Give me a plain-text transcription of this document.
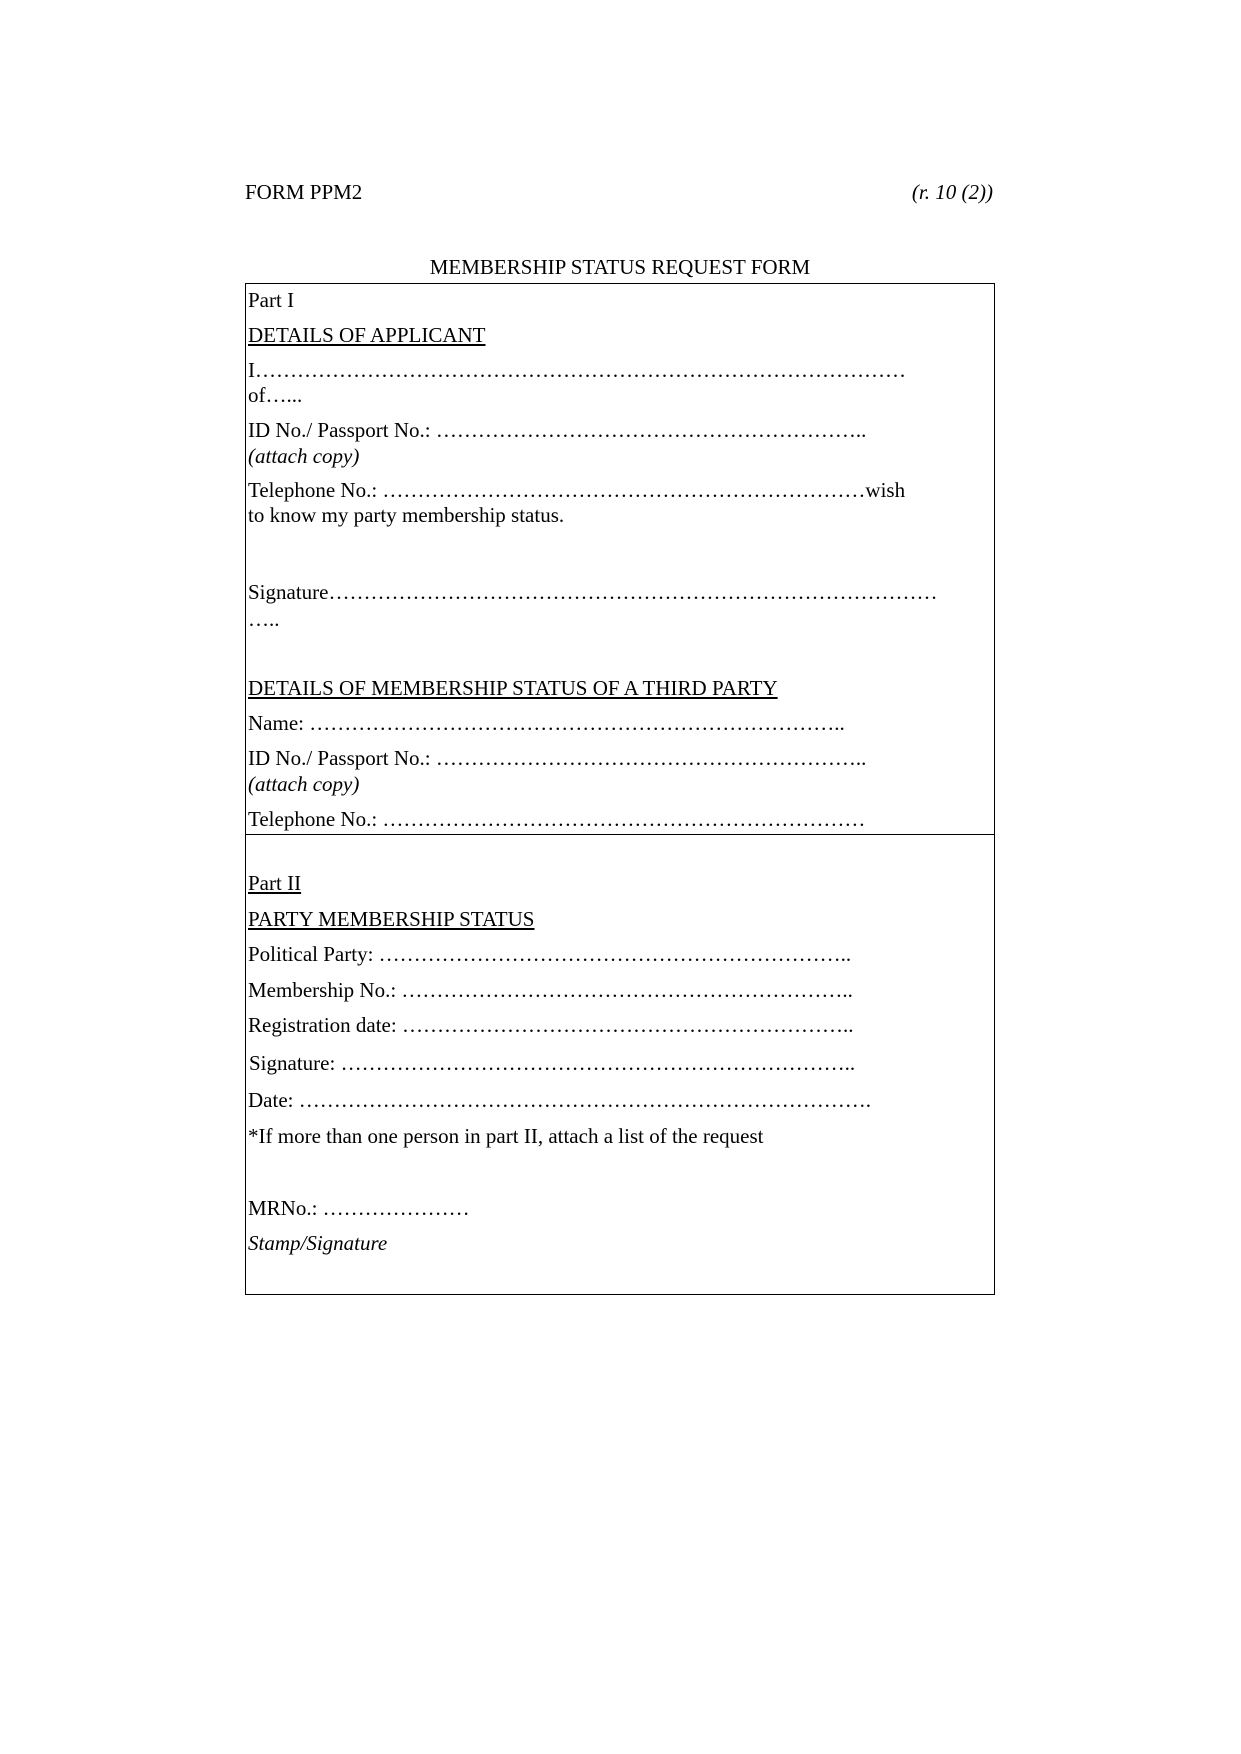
FORM PPM2	(r. 10 (2))
MEMBERSHIP STATUS REQUEST FORM
Part I
DETAILS OF APPLICANT
I…………………………………………………………………………………
of…...
ID No./ Passport No.: ……………………………………………………..
(attach copy)
Telephone No.: ……………………………………………………………wish
to know my party membership status.
Signature……………………………………………………………………………
…..
DETAILS OF MEMBERSHIP STATUS OF A THIRD PARTY
Name: …………………………………………………………………..
ID No./ Passport No.: ……………………………………………………..
(attach copy)
Telephone No.: ……………………………………………………………
Part II
PARTY MEMBERSHIP STATUS
Political Party: …………………………………………………………..
Membership No.: ………………………………………………………..
Registration date: ………………………………………………………..
Signature: ………………………………………………………………..
Date: ……………………………………………………………………….
*If more than one person in part II, attach a list of the request
MRNo.: …………………
Stamp/Signature
